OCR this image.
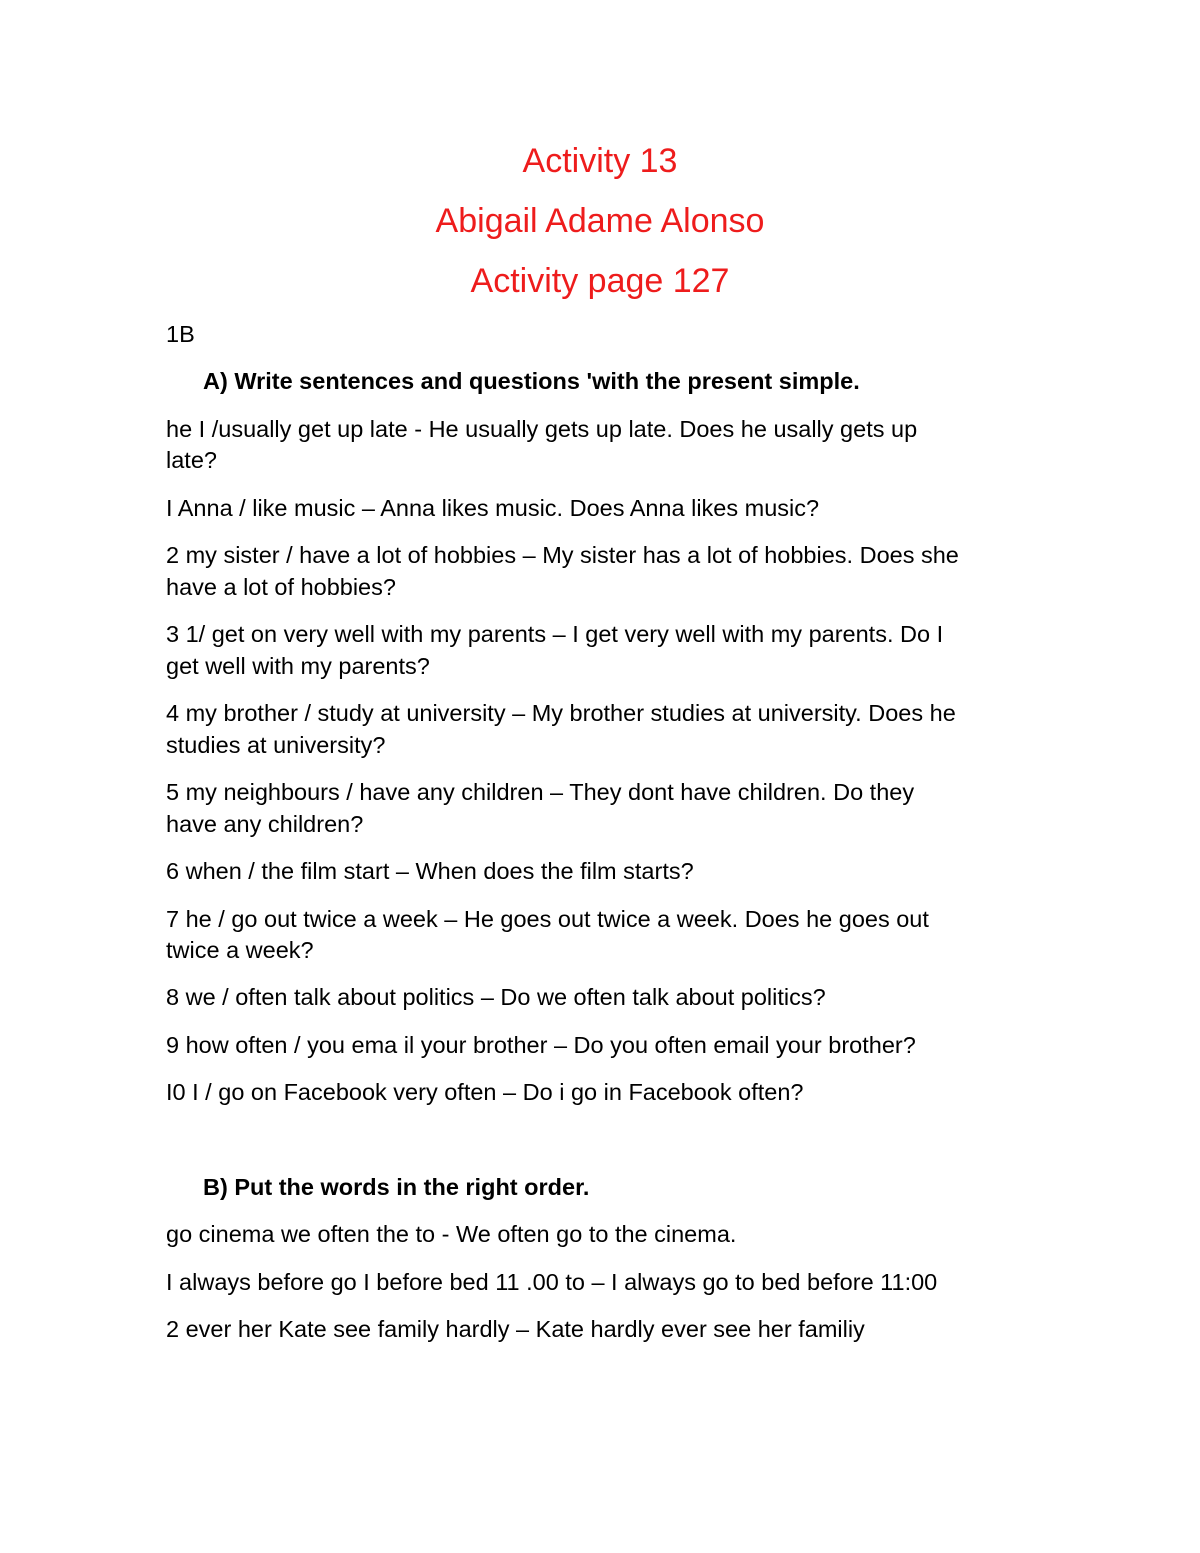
Activity 13
Abigail Adame Alonso
Activity page 127
1B
A) Write sentences and questions 'with the present simple.
he I /usually get up late - He usually gets up late. Does he usally gets up
late?
I Anna / like music – Anna likes music. Does Anna likes music?
2 my sister / have a lot of hobbies – My sister has a lot of hobbies. Does she
have a lot of hobbies?
3 1/ get on very well with my parents – I get very well with my parents. Do I
get well with my parents?
4 my brother / study at university – My brother studies at university. Does he
studies at university?
5 my neighbours / have any children – They dont have children. Do they
have any children?
6 when / the film start – When does the film starts?
7 he / go out twice a week – He goes out twice a week. Does he goes out
twice a week?
8 we / often talk about politics – Do we often talk about politics?
9 how often / you ema il your brother – Do you often email your brother?
I0 I / go on Facebook very often – Do i go in Facebook often?
B) Put the words in the right order.
go cinema we often the to - We often go to the cinema.
I always before go I before bed 11 .00 to – I always go to bed before 11:00
2 ever her Kate see family hardly – Kate hardly ever see her familiy
